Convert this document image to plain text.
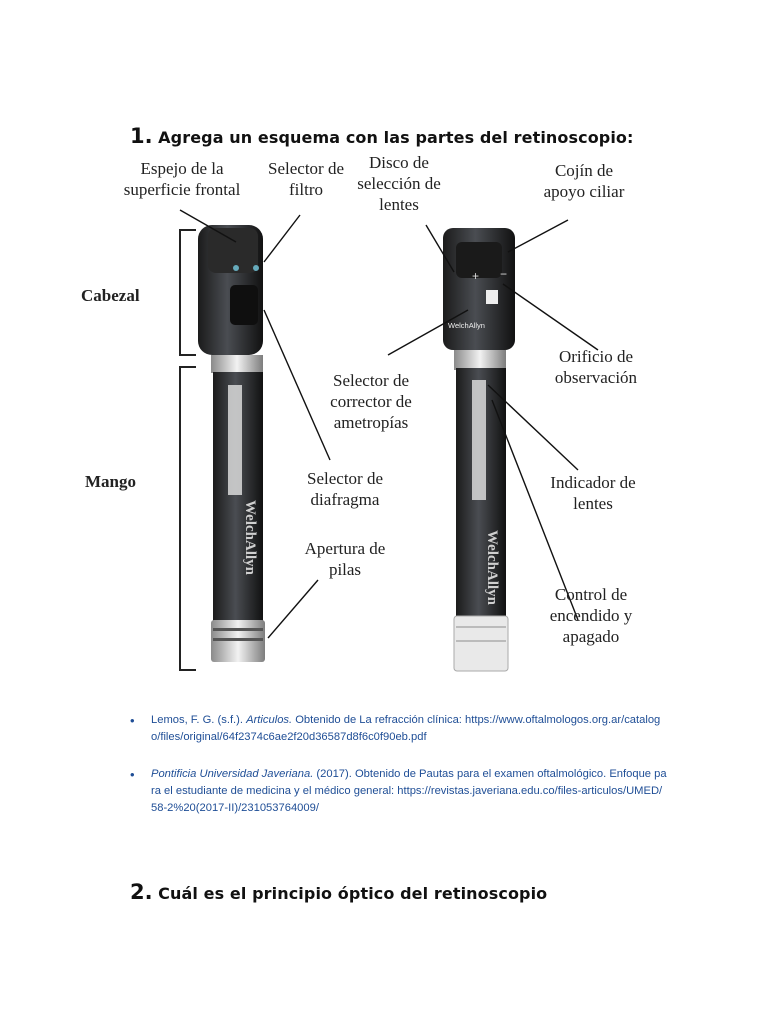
1. Agrega un esquema con las partes del retinoscopio:
WelchAllyn
+ −
WelchAllyn
WelchAllyn
Cabezal
Mango
Espejo de la
superficie frontal
Selector de
filtro
Disco de
selección de
lentes
Cojín de
apoyo ciliar
Orificio de
observación
Selector de
corrector de
ametropías
Selector de
diafragma
Indicador de
lentes
Apertura de
pilas
Control de
encendido y
apagado
• Lemos, F. G. (s.f.). Articulos. Obtenido de La refracción clínica: https://www.oftalmologos.org.ar/catalogo/files/original/64f2374c6ae2f20d36587d8f6c0f90eb.pdf
• Pontificia Universidad Javeriana. (2017). Obtenido de Pautas para el examen oftalmológico. Enfoque para el estudiante de medicina y el médico general: https://revistas.javeriana.edu.co/files-articulos/UMED/58-2%20(2017-II)/231053764009/
2. Cuál es el principio óptico del retinoscopio
